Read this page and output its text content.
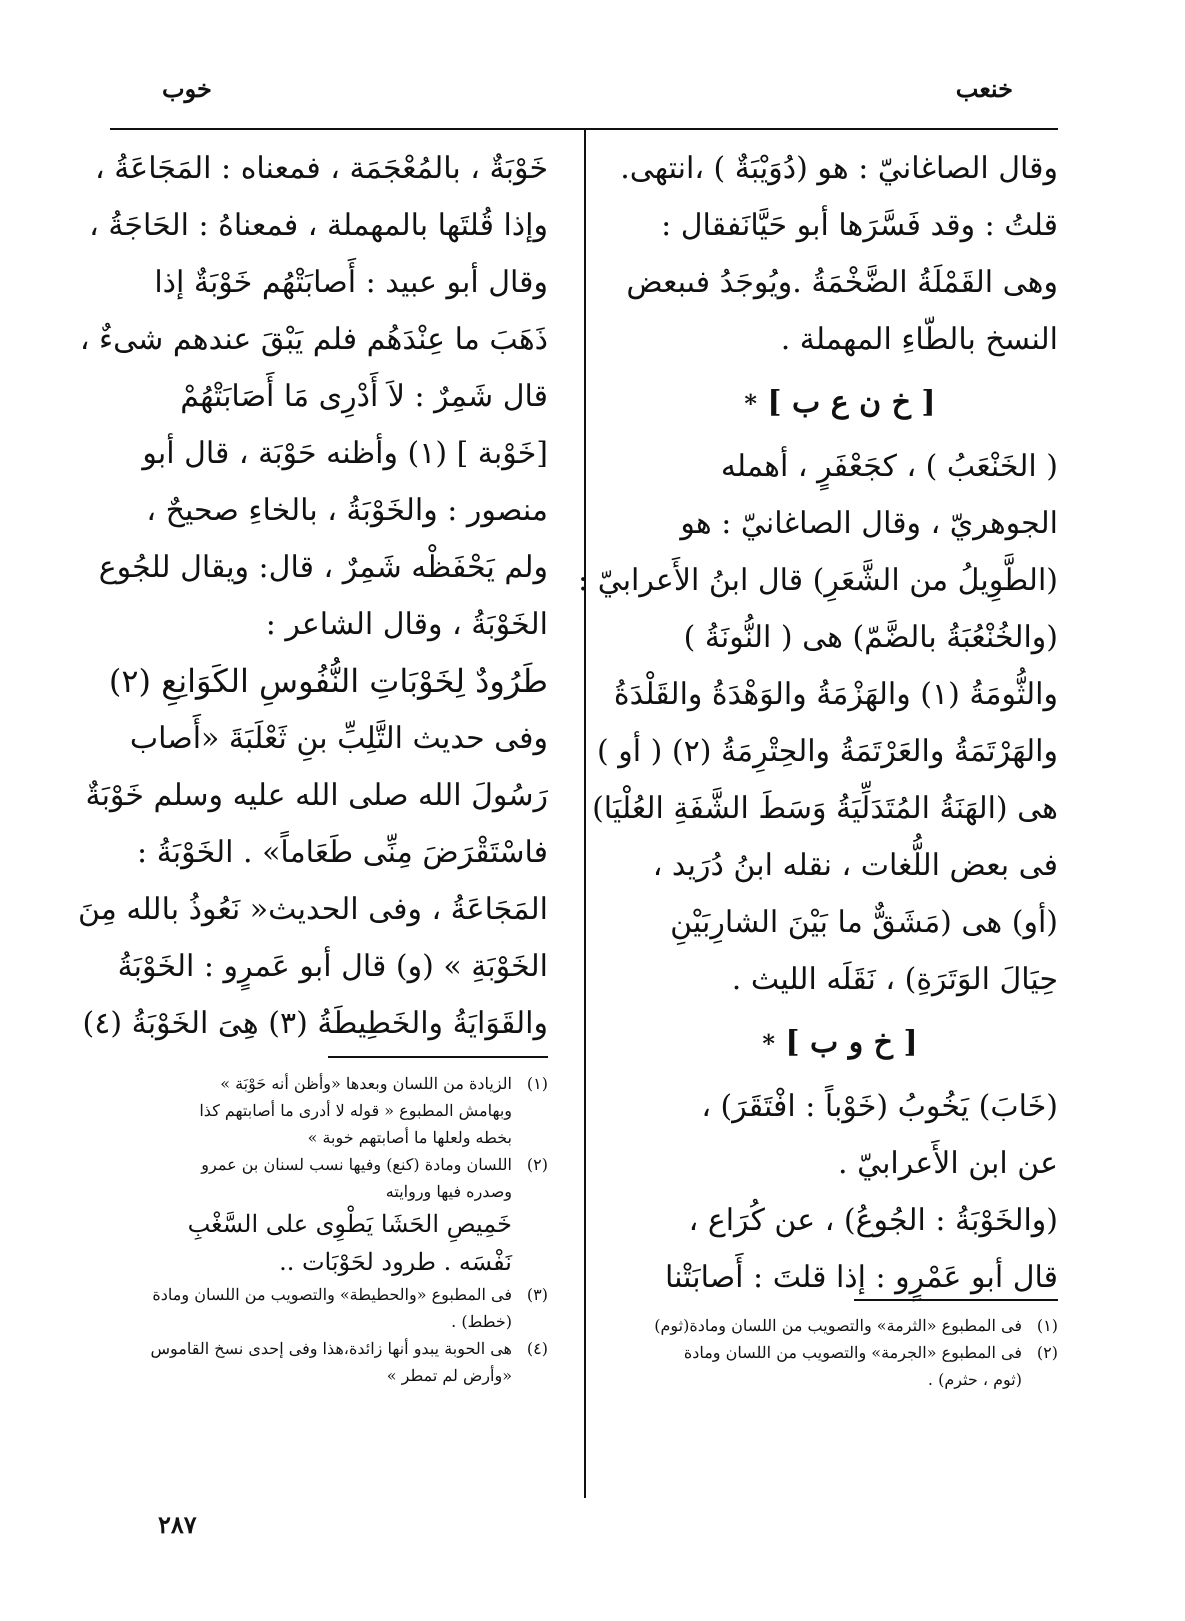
خنعب
خوب
وقال الصاغانيّ : هو (دُوَيْبَةٌ ) ،انتهى.
قلتُ : وقد فَسَّرَها أبو حَيَّانَفقال :
وهى القَمْلَةُ الضَّخْمَةُ .ويُوجَدُ فىبعض
النسخ بالطّاءِ المهملة .
[ خ ن ع ب ] *
( الخَنْعَبُ ) ، كجَعْفَرٍ ، أهمله
الجوهريّ ، وقال الصاغانيّ : هو
(الطَّوِيلُ من الشَّعَرِ) قال ابنُ الأَعرابيّ :
(والخُنْعُبَةُ بالضَّمّ) هى ( النُّونَةُ )
والثُّومَةُ (١) والهَزْمَةُ والوَهْدَةُ والقَلْدَةُ
والهَرْتَمَةُ والعَرْتَمَةُ والحِتْرِمَةُ (٢) ( أو )
هى (الهَنَةُ المُتَدَلِّيَةُ وَسَطَ الشَّفَةِ العُلْيَا)
فى بعض اللُّغات ، نقله ابنُ دُرَيد ،
(أو) هى (مَشَقٌّ ما بَيْنَ الشارِبَيْنِ
حِيَالَ الوَتَرَةِ) ، نَقَلَه الليث .
[ خ و ب ] *
(خَابَ) يَخُوبُ (خَوْباً : افْتَقَرَ) ،
عن ابن الأَعرابيّ .
(والخَوْبَةُ : الجُوعُ) ، عن كُرَاع ،
قال أبو عَمْرٍو : إذا قلتَ : أَصابَتْنا
(١)فى المطبوع «الثرمة» والتصويب من اللسان ومادة(ثوم)
(٢)فى المطبوع «الجرمة» والتصويب من اللسان ومادة
(ثوم ، حثرم) .
خَوْبَةٌ ، بالمُعْجَمَة ، فمعناه : المَجَاعَةُ ،
وإذا قُلتَها بالمهملة ، فمعناهُ : الحَاجَةُ ،
وقال أبو عبيد : أَصابَتْهُم خَوْبَةٌ إذا
ذَهَبَ ما عِنْدَهُم فلم يَبْقَ عندهم شىءٌ ،
قال شَمِرٌ : لاَ أَدْرِى مَا أَصَابَتْهُمْ
[خَوْبة ] (١) وأظنه حَوْبَة ، قال أبو
منصور : والخَوْبَةُ ، بالخاءِ صحيحٌ ،
ولم يَحْفَظْه شَمِرٌ ، قال: ويقال للجُوع
الخَوْبَةُ ، وقال الشاعر :
طَرُودٌ لِخَوْبَاتِ النُّفُوسِ الكَوَانِعِ (٢)
وفى حديث التَّلِبِّ بنِ ثَعْلَبَةَ «أَصاب
رَسُولَ الله صلى الله عليه وسلم خَوْبَةٌ
فاسْتَقْرَضَ مِنِّى طَعَاماً» . الخَوْبَةُ :
المَجَاعَةُ ، وفى الحديث« نَعُوذُ بالله مِنَ
الخَوْبَةِ » (و) قال أبو عَمرٍو : الخَوْبَةُ
والقَوَايَةُ والخَطِيطَةُ (٣) هِىَ الخَوْبَةُ (٤)
(١)الزيادة من اللسان وبعدها «وأظن أنه حَوْبَة »
وبهامش المطبوع « قوله لا أدرى ما أصابتهم كذا
بخطه ولعلها ما أصابتهم خوبة »
(٢)اللسان ومادة (كنع) وفيها نسب لسنان بن عمرو
وصدره فيها وروايته
خَمِيصِ الحَشَا يَطْوِى على السَّغْبِ
نَفْسَه . طرود لحَوْبَات ..
(٣)فى المطبوع «والحطيطة» والتصويب من اللسان ومادة
(خطط) .
(٤)هى الحوبة يبدو أنها زائدة،هذا وفى إحدى نسخ القاموس
«وأرض لم تمطر »
٢٨٧
